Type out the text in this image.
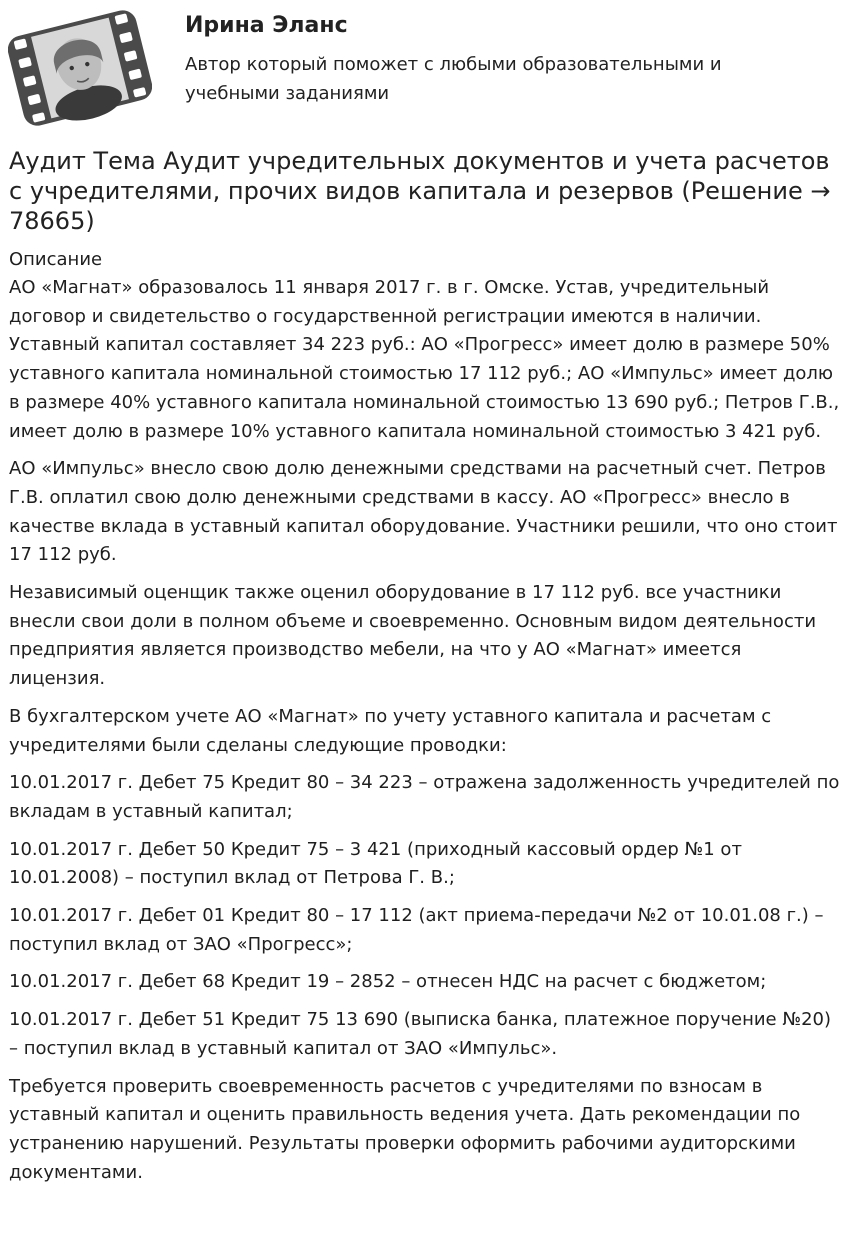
Ирина Эланс
Автор который поможет с любыми образовательными и учебными заданиями
Аудит Тема Аудит учредительных документов и учета расчетов с учредителями, прочих видов капитала и резервов (Решение → 78665)
Описание

АО «Магнат» образовалось 11 января 2017 г. в г. Омске. Устав, учредительный договор и свидетельство о государственной регистрации имеются в наличии. Уставный капитал составляет 34 223 руб.: АО «Прогресс» имеет долю в размере 50% уставного капитала номинальной стоимостью 17 112 руб.; АО «Импульс» имеет долю в размере 40% уставного капитала номинальной стоимостью 13 690 руб.; Петров Г.В., имеет долю в размере 10% уставного капитала номинальной стоимостью 3 421 руб.

АО «Импульс» внесло свою долю денежными средствами на расчетный счет. Петров Г.В. оплатил свою долю денежными средствами в кассу. АО «Прогресс» внесло в качестве вклада в уставный капитал оборудование. Участники решили, что оно стоит 17 112 руб.

Независимый оценщик также оценил оборудование в 17 112 руб. все участники внесли свои доли в полном объеме и своевременно. Основным видом деятельности предприятия является производство мебели, на что у АО «Магнат» имеется лицензия.

В бухгалтерском учете АО «Магнат» по учету уставного капитала и расчетам с учредителями были сделаны следующие проводки:

10.01.2017 г. Дебет 75 Кредит 80 – 34 223 – отражена задолженность учредителей по вкладам в уставный капитал;

10.01.2017 г. Дебет 50 Кредит 75 – 3 421 (приходный кассовый ордер №1 от 10.01.2008) – поступил вклад от Петрова Г. В.;

10.01.2017 г. Дебет 01 Кредит 80 – 17 112 (акт приема-передачи №2 от 10.01.08 г.) – поступил вклад от ЗАО «Прогресс»;

10.01.2017 г. Дебет 68 Кредит 19 – 2852 – отнесен НДС на расчет с бюджетом;

10.01.2017 г. Дебет 51 Кредит 75 13 690 (выписка банка, платежное поручение №20) – поступил вклад в уставный капитал от ЗАО «Импульс».

Требуется проверить своевременность расчетов с учредителями по взносам в уставный капитал и оценить правильность ведения учета. Дать рекомендации по устранению нарушений. Результаты проверки оформить рабочими аудиторскими документами.
